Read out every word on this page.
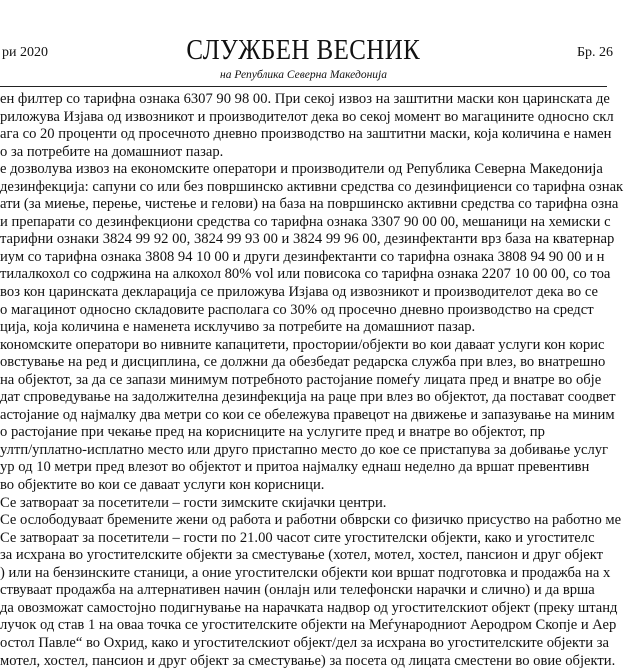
ри 2020	СЛУЖБЕН ВЕСНИК
на Република Северна Македонија
Бр. 26
ен филтер со тарифна ознака 6307 90 98 00. При секој извоз на заштитни маски кон царинската де
риложува Изјава од извозникот и производителот дека во секој момент во магацините односно скл
ага со 20 проценти од просечното дневно производство на заштитни маски, која количина е намен
о за потребите на домашниот пазар.
е дозволува извоз на економските оператори и производители од Република Северна Македонија
дезинфекција: сапуни со или без површинско активни средства со дезинфициенси со тарифна ознак
ати (за миење, перење, чистење и гелови) на база на површинско активни средства со тарифна озна
и препарати со дезинфекциони средства со тарифна ознака 3307 90 00 00, мешаници на хемиски с
тарифни ознаки 3824 99 92 00, 3824 99 93 00 и 3824 99 96 00, дезинфектанти врз база на кватернар
иум со тарифна ознака 3808 94 10 00 и други дезинфектанти со тарифна ознака 3808 94 90 00 и н
тилалкохол со содржина на алкохол 80% vol или повисока со тарифна ознака 2207 10 00 00, со тоа
вoз кон царинската декларација се приложува Изјава од извозникот и производителот дека во се
о магацинот односно складовите располага со 30% од просечно дневно производство на средст
ција, која количина е наменета исклучиво за потребите на домашниот пазар.
кономските оператори во нивните капацитети, простории/објекти во кои даваат услуги кон корис
овстување на ред и дисциплина, се должни да обезбедат редарска служба при влез, во внатрешно
на објектот, за да се запази минимум потребното растојание помеѓу лицата пред и внатре во обје
дат спроведување на задолжителна дезинфекција на раце при влез во објектот, да постават соодвет
астојание од најмалку два метри со кои се обележува правецот на движење и запазување на миним
о растојание при чекање пред на корисниците на услугите пред и внатре во објектот, пр
ултп/уплатно-исплатно место или друго пристапно место до кое се пристапува за добивање услуг
ур од 10 метри пред влезот во објектот и притоа најмалку еднаш неделно да вршат превентивн
во објектите во кои се даваат услуги кон корисници.
Се затвораат за посетители – гости зимските скијачки центри.
Се ослободуваат бремените жени од работа и работни обврски со физичко присуство на работно ме
Се затвораат за посетители – гости по 21.00 часот сите угостителски објекти, како и угостителс
за исхрана во угостителските објекти за сместување (хотел, мотел, хостел, пансион и друг објект
) или на бензинските станици, а оние угостителски објекти кои вршат подготовка и продажба на х
ствуваат продажба на алтернативен начин (онлајн или телефонски нарачки и слично) и да врша
да овозможат самостојно подигнување на нарачката надвор од угостителскиот објект (преку штанд
лучок од став 1 на оваа точка се угостителските објекти на Меѓународниот Аеродром Скопје и Аер
остол Павле“ во Охрид, како и угостителскиот објект/дел за исхрана во угостителските објекти за
мотел, хостел, пансион и друг објект за сместување) за посета од лицата сместени во овие објекти.
